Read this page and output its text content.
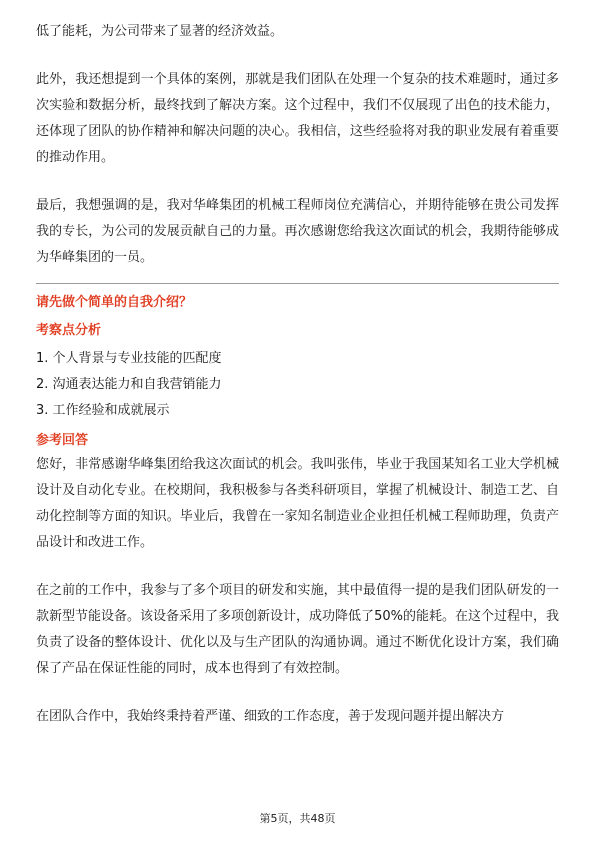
低了能耗，为公司带来了显著的经济效益。

此外，我还想提到一个具体的案例，那就是我们团队在处理一个复杂的技术难题时，通过多次实验和数据分析，最终找到了解决方案。这个过程中，我们不仅展现了出色的技术能力，还体现了团队的协作精神和解决问题的决心。我相信，这些经验将对我的职业发展有着重要的推动作用。

最后，我想强调的是，我对华峰集团的机械工程师岗位充满信心，并期待能够在贵公司发挥我的专长，为公司的发展贡献自己的力量。再次感谢您给我这次面试的机会，我期待能够成为华峰集团的一员。

请先做个简单的自我介绍？

考察点分析

1. 个人背景与专业技能的匹配度

2. 沟通表达能力和自我营销能力

3. 工作经验和成就展示

参考回答

您好，非常感谢华峰集团给我这次面试的机会。我叫张伟，毕业于我国某知名工业大学机械设计及自动化专业。在校期间，我积极参与各类科研项目，掌握了机械设计、制造工艺、自动化控制等方面的知识。毕业后，我曾在一家知名制造业企业担任机械工程师助理，负责产品设计和改进工作。

在之前的工作中，我参与了多个项目的研发和实施，其中最值得一提的是我们团队研发的一款新型节能设备。该设备采用了多项创新设计，成功降低了50%的能耗。在这个过程中，我负责了设备的整体设计、优化以及与生产团队的沟通协调。通过不断优化设计方案，我们确保了产品在保证性能的同时，成本也得到了有效控制。

在团队合作中，我始终秉持着严谨、细致的工作态度，善于发现问题并提出解决方

第5页，共48页
